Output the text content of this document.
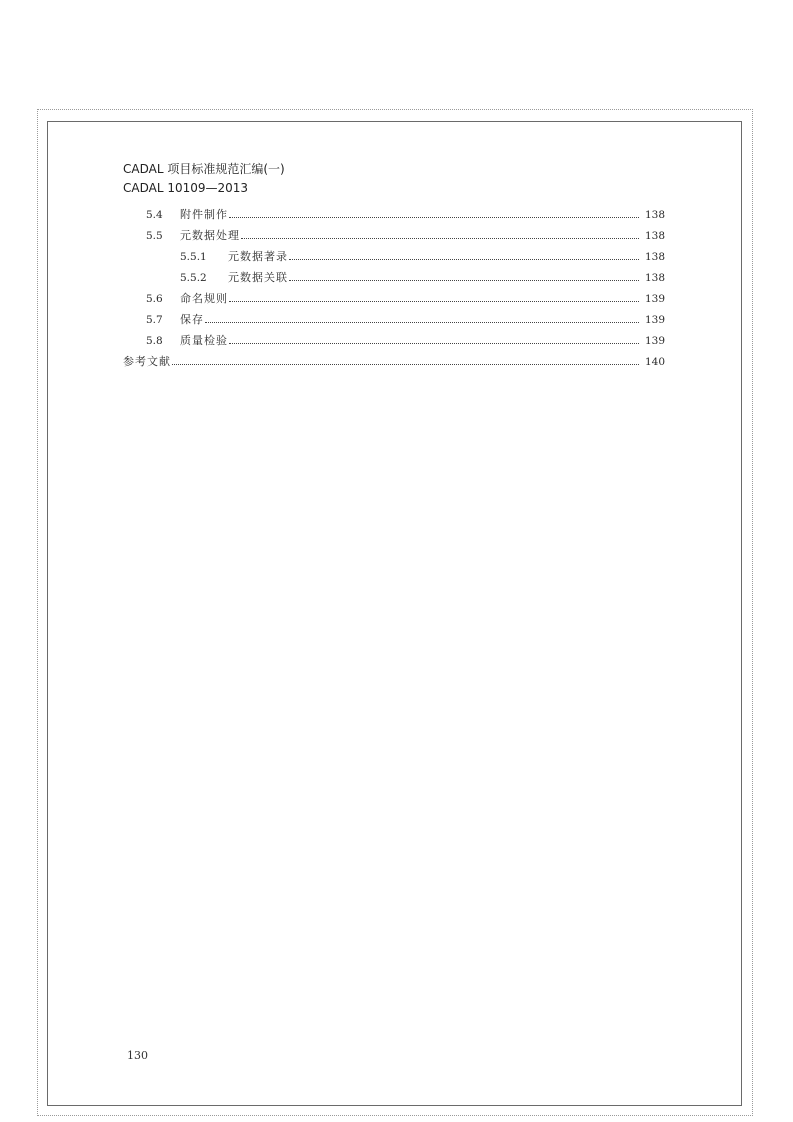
CADAL 项目标准规范汇编(一)
CADAL 10109—2013
5.4	附件制作	138
5.5	元数据处理	138
5.5.1	元数据著录	138
5.5.2	元数据关联	138
5.6	命名规则	139
5.7	保存	139
5.8	质量检验	139
参考文献	140
130
